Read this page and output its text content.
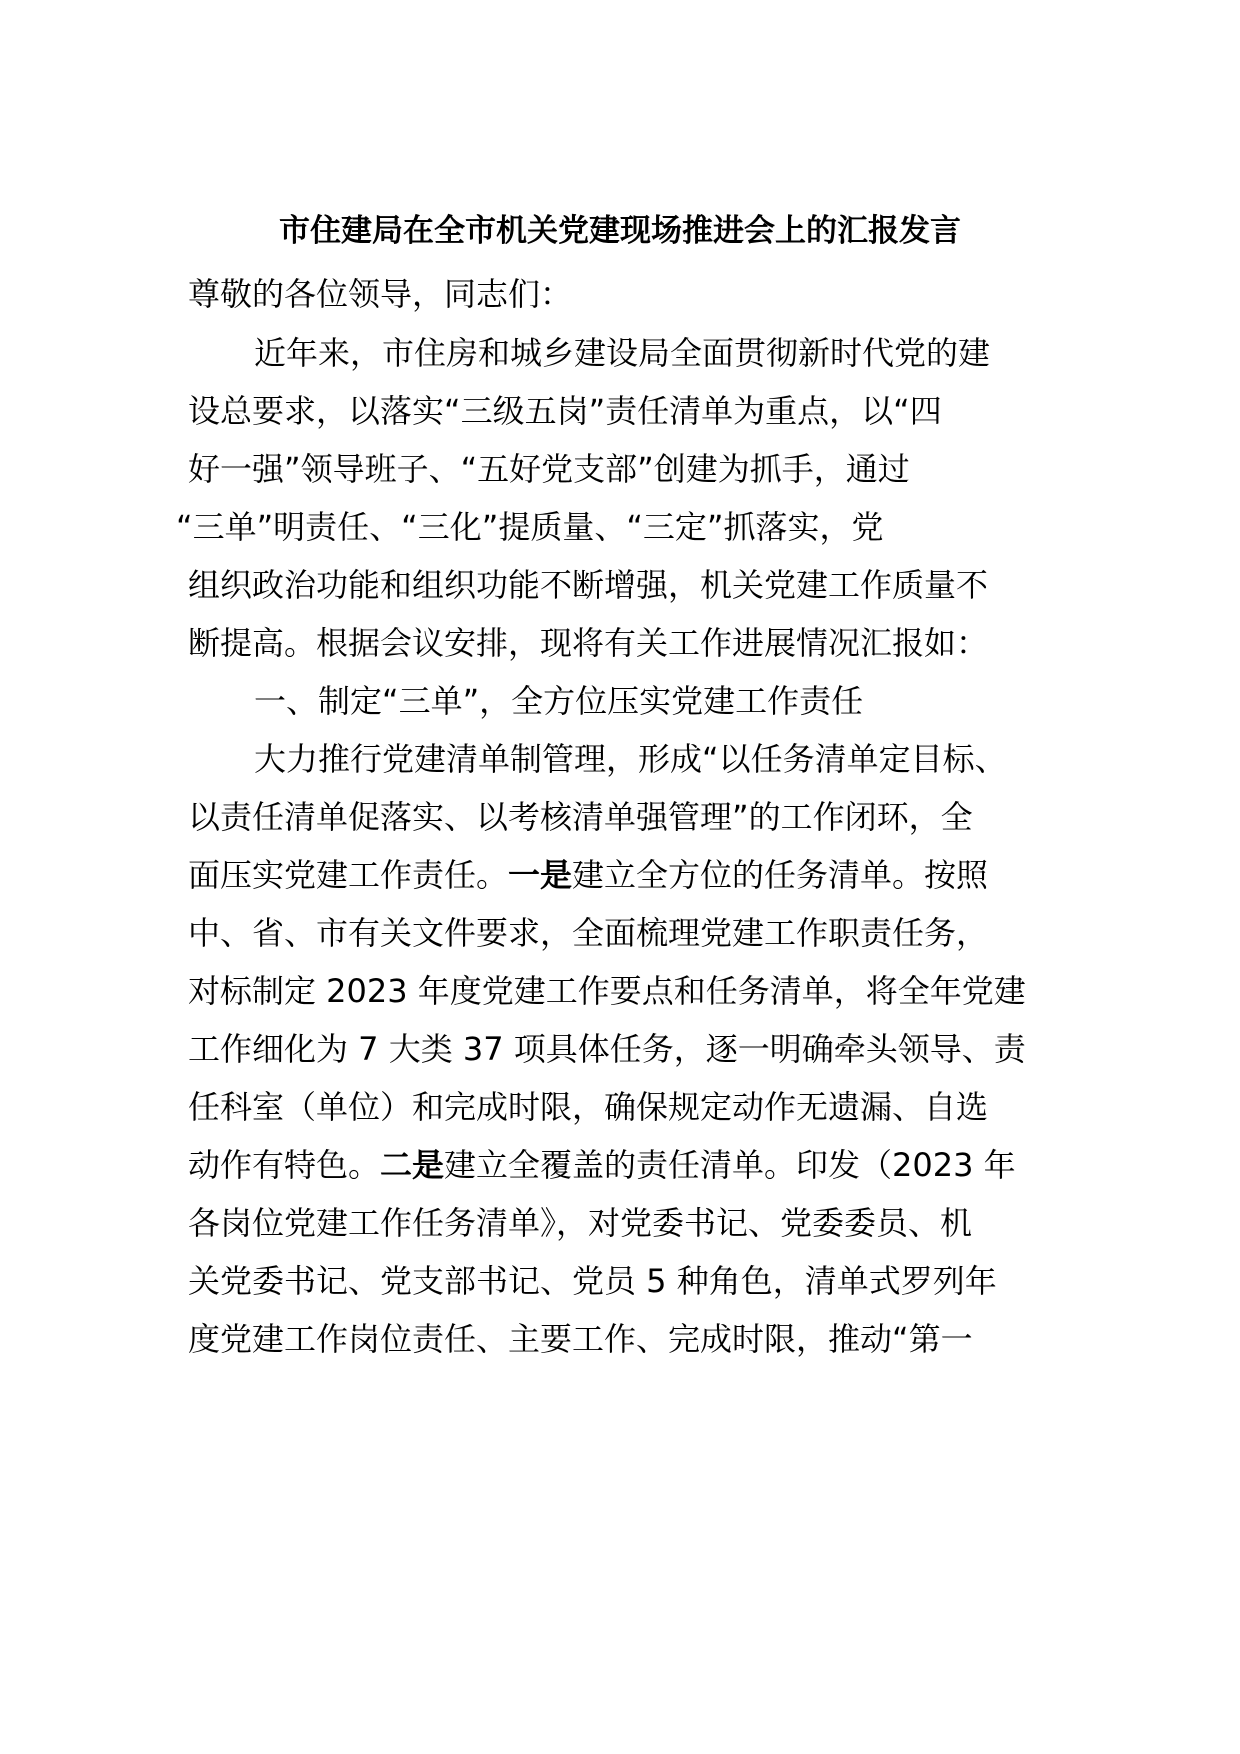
市住建局在全市机关党建现场推进会上的汇报发言

尊敬的各位领导，同志们：

近年来，市住房和城乡建设局全面贯彻新时代党的建

设总要求，以落实“三级五岗”责任清单为重点，以“四

好一强”领导班子、“五好党支部”创建为抓手，通过

“三单”明责任、“三化”提质量、“三定”抓落实，党

组织政治功能和组织功能不断增强，机关党建工作质量不

断提高。根据会议安排，现将有关工作进展情况汇报如：

一、制定“三单”，全方位压实党建工作责任

大力推行党建清单制管理，形成“以任务清单定目标、

以责任清单促落实、以考核清单强管理”的工作闭环，全

面压实党建工作责任。一是建立全方位的任务清单。按照

中、省、市有关文件要求，全面梳理党建工作职责任务，

对标制定 2023 年度党建工作要点和任务清单，将全年党建

工作细化为 7 大类 37 项具体任务，逐一明确牵头领导、责

任科室（单位）和完成时限，确保规定动作无遗漏、自选

动作有特色。二是建立全覆盖的责任清单。印发（2023 年

各岗位党建工作任务清单》，对党委书记、党委委员、机

关党委书记、党支部书记、党员 5 种角色，清单式罗列年

度党建工作岗位责任、主要工作、完成时限，推动“第一
